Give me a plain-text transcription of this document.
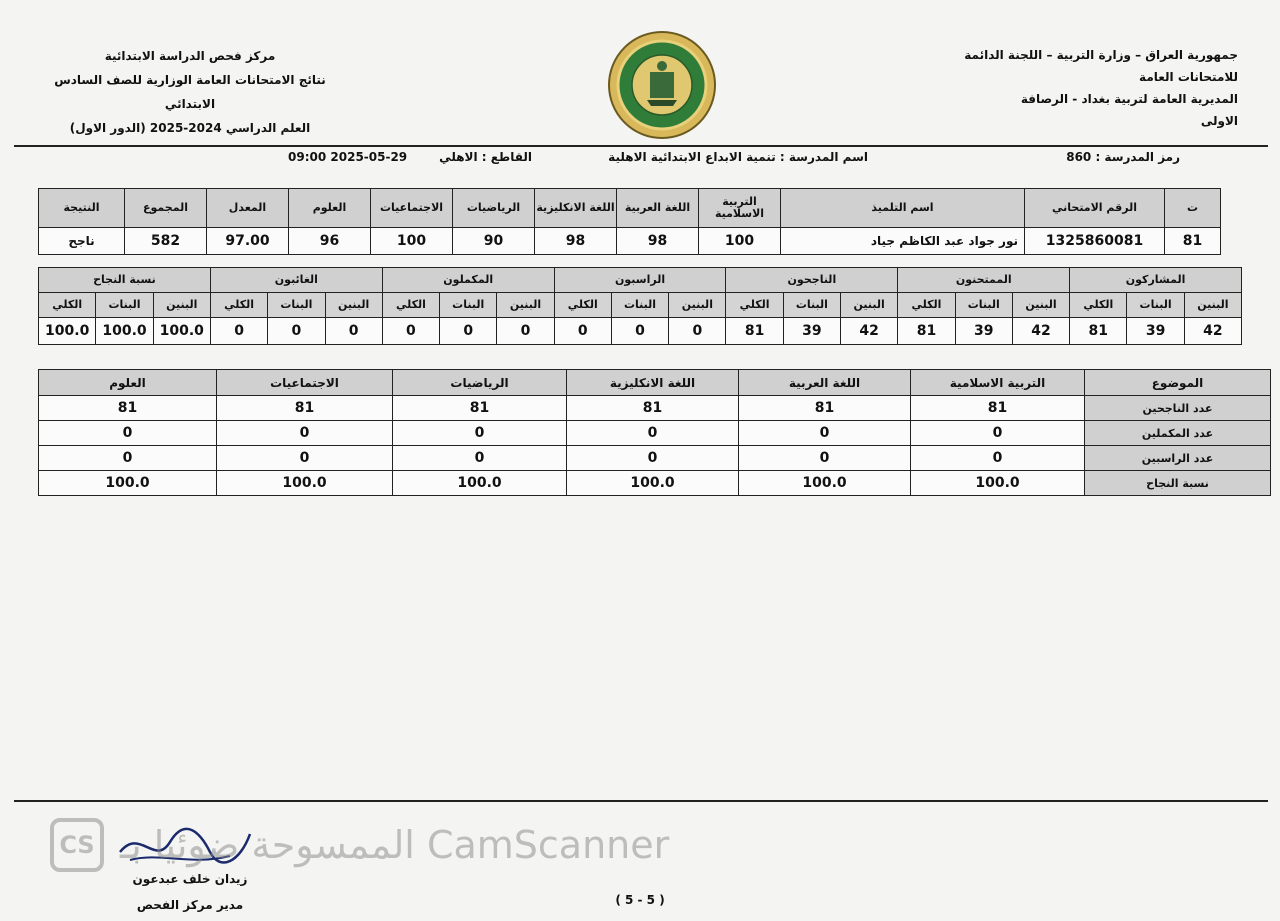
جمهورية العراق – وزارة التربية – اللجنة الدائمة للامتحانات العامة
المديرية العامة لتربية بغداد - الرصافة
الاولى
مركز فحص الدراسة الابتدائية
نتائج الامتحانات العامة الوزارية للصف السادس الابتدائي
العلم الدراسي 2024-2025 (الدور الاول)
رمز المدرسة : 860
اسم المدرسة : تنمية الابداع الابتدائية الاهلية
القاطع : الاهلي
2025-05-29 09:00
ت	الرقم الامتحاني	اسم التلميذ	التربية الاسلامية	اللغة العربية	اللغة الانكليزية	الرياضيات	الاجتماعيات	العلوم	المعدل	المجموع	النتيجة
81	1325860081	نور جواد عبد الكاظم جياد	100	98	98	90	100	96	97.00	582	ناجح
المشاركون			الممتحنون			الناجحون			الراسبون			المكملون			الغائبون			نسبة النجاح		
البنين	البنات	الكلي	البنين	البنات	الكلي	البنين	البنات	الكلي	البنين	البنات	الكلي	البنين	البنات	الكلي	البنين	البنات	الكلي	البنين	البنات	الكلي
42	39	81	42	39	81	42	39	81	0	0	0	0	0	0	0	0	0	100.0	100.0	100.0
الموضوع	التربية الاسلامية	اللغة العربية	اللغة الانكليزية	الرياضيات	الاجتماعيات	العلوم
عدد الناجحين	81	81	81	81	81	81
عدد المكملين	0	0	0	0	0	0
عدد الراسبين	0	0	0	0	0	0
نسبة النجاح	100.0	100.0	100.0	100.0	100.0	100.0
زيدان خلف عبدعون
مدير مركز الفحص
CS الممسوحة ضوئيا بـ CamScanner
( 5 - 5 )
